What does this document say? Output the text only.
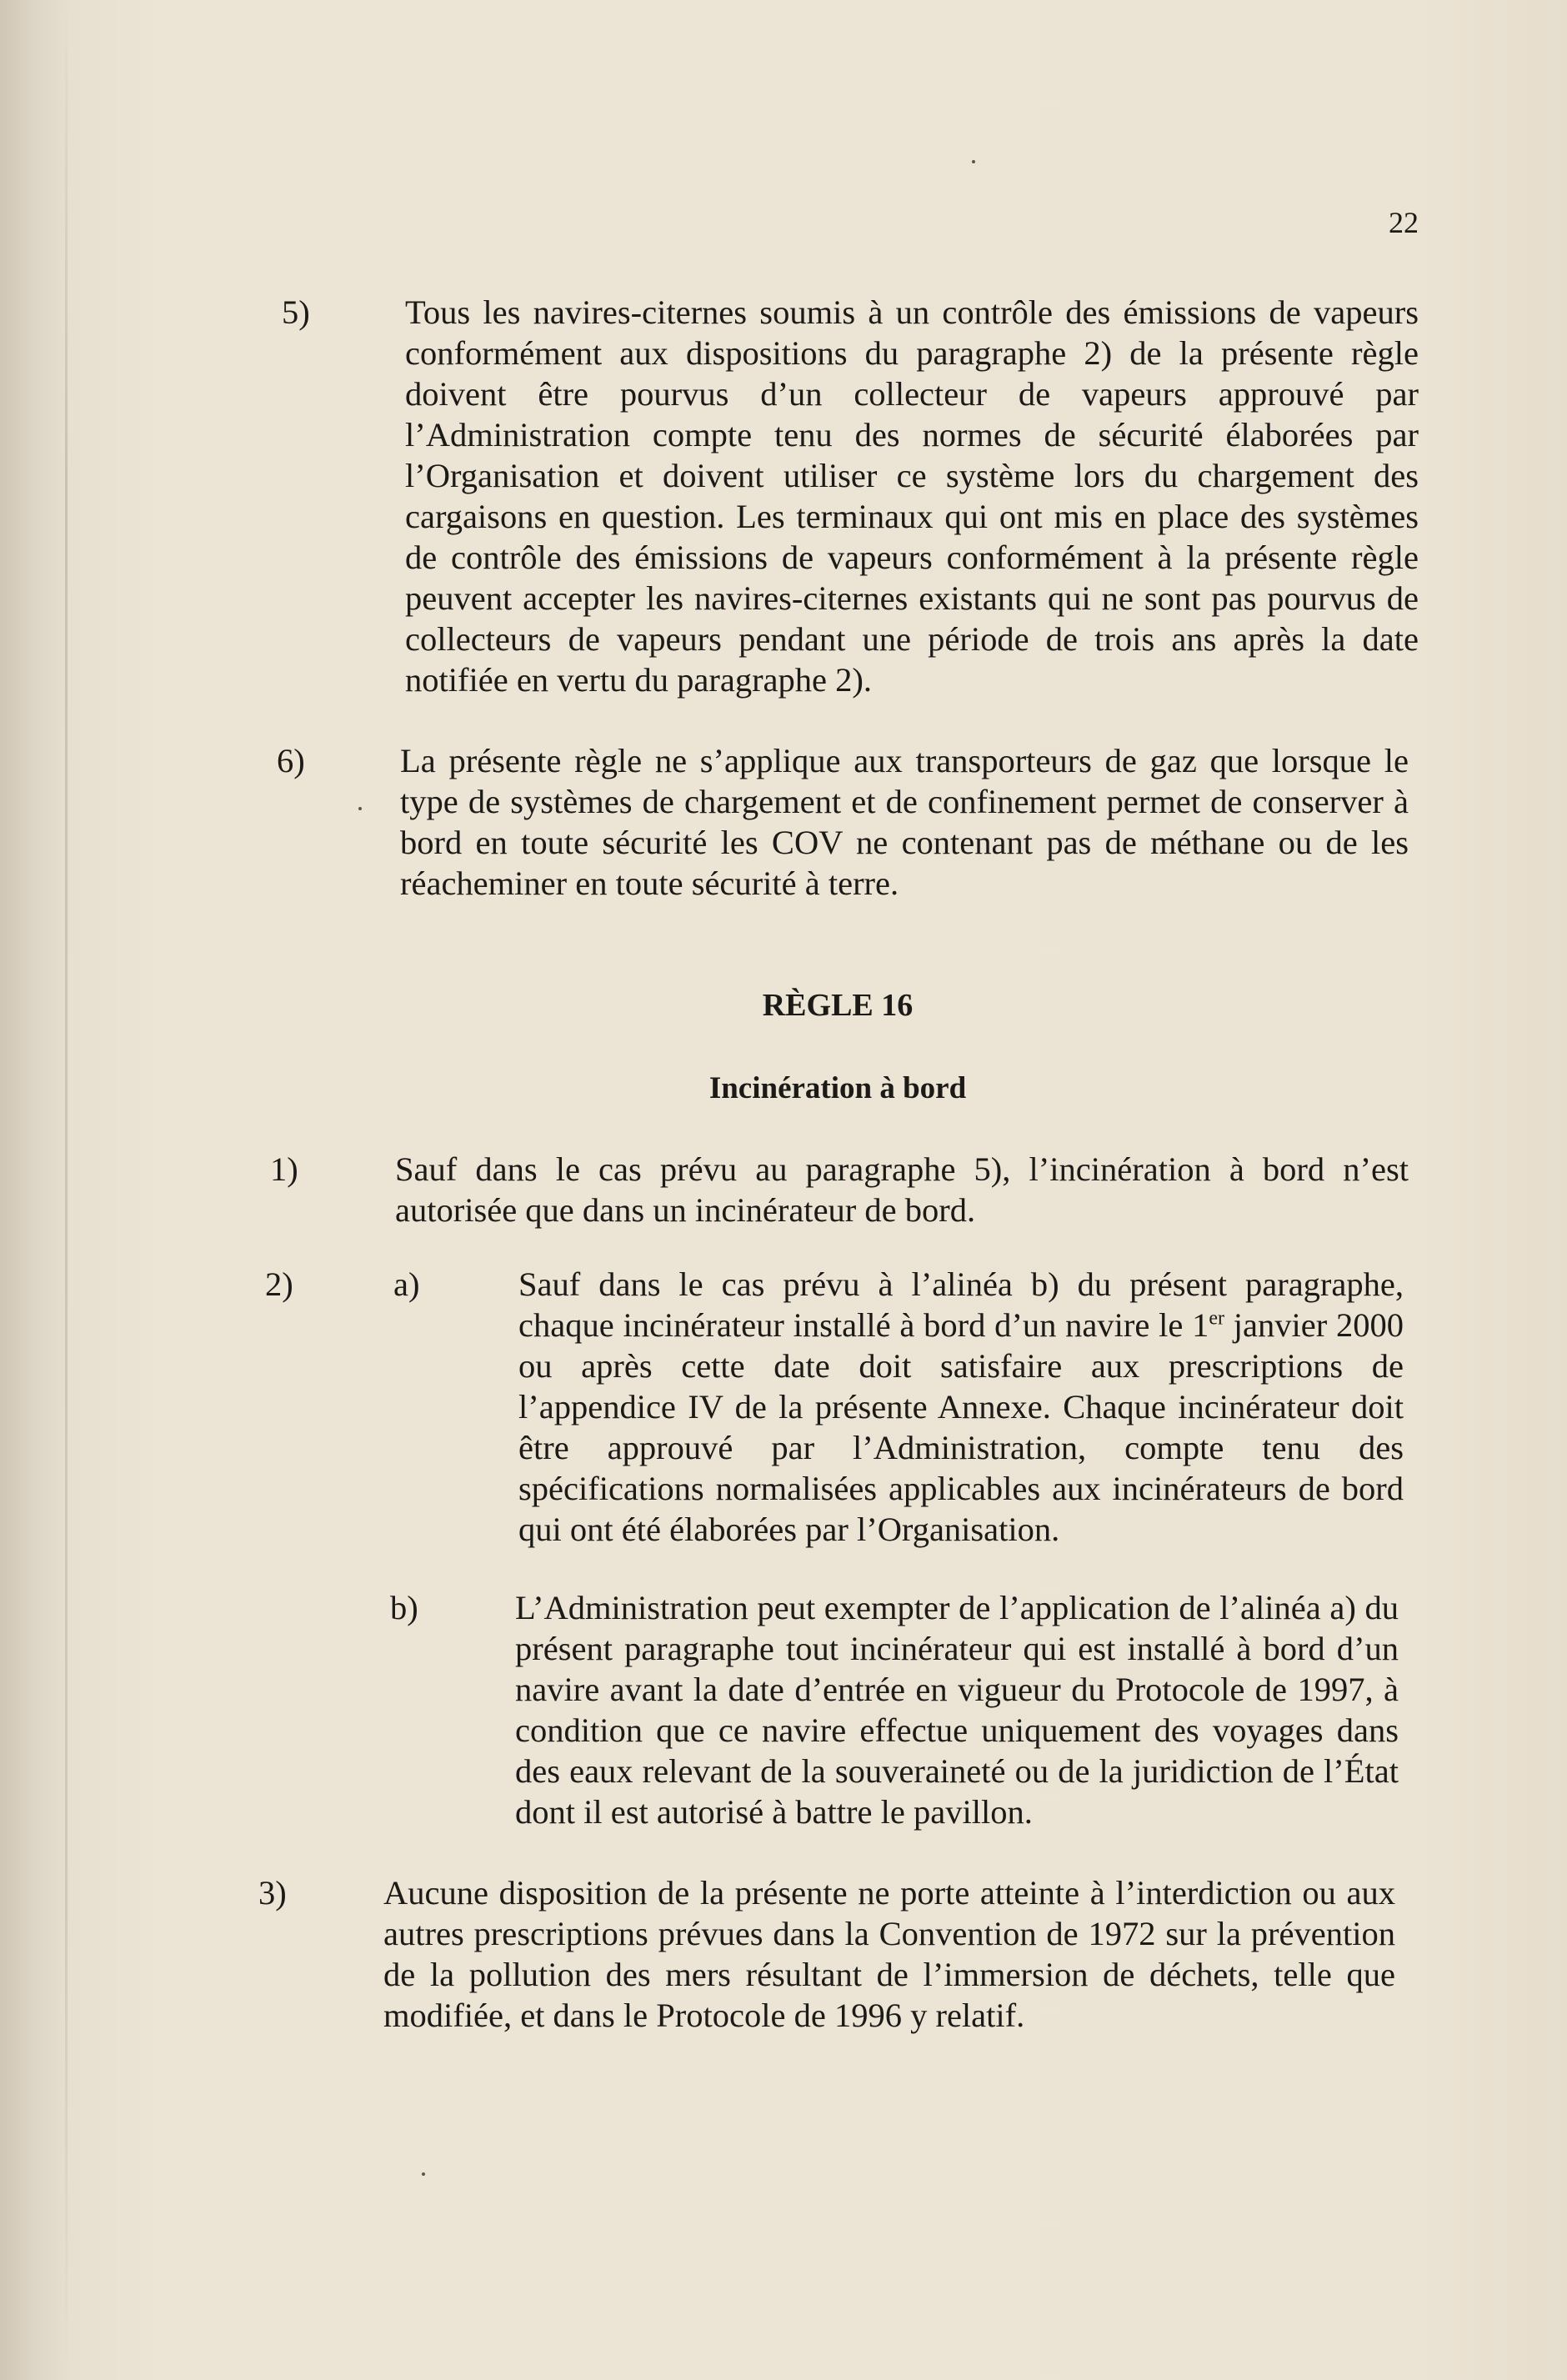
22
5)	Tous les navires-citernes soumis à un contrôle des émissions de vapeurs conformément aux dispositions du paragraphe 2) de la présente règle doivent être pourvus d’un collecteur de vapeurs approuvé par l’Administration compte tenu des normes de sécurité élaborées par l’Organisation et doivent utiliser ce système lors du chargement des cargaisons en question. Les terminaux qui ont mis en place des systèmes de contrôle des émissions de vapeurs conformément à la présente règle peuvent accepter les navires-citernes existants qui ne sont pas pourvus de collecteurs de vapeurs pendant une période de trois ans après la date notifiée en vertu du paragraphe 2).
6)	La présente règle ne s’applique aux transporteurs de gaz que lorsque le type de systèmes de chargement et de confinement permet de conserver à bord en toute sécurité les COV ne contenant pas de méthane ou de les réacheminer en toute sécurité à terre.
RÈGLE 16
Incinération à bord
1)	Sauf dans le cas prévu au paragraphe 5), l’incinération à bord n’est autorisée que dans un incinérateur de bord.
2)	a)	Sauf dans le cas prévu à l’alinéa b) du présent paragraphe, chaque incinérateur installé à bord d’un navire le 1er janvier 2000 ou après cette date doit satisfaire aux prescriptions de l’appendice IV de la présente Annexe. Chaque incinérateur doit être approuvé par l’Administration, compte tenu des spécifications normalisées applicables aux incinérateurs de bord qui ont été élaborées par l’Organisation.
b)	L’Administration peut exempter de l’application de l’alinéa a) du présent paragraphe tout incinérateur qui est installé à bord d’un navire avant la date d’entrée en vigueur du Protocole de 1997, à condition que ce navire effectue uniquement des voyages dans des eaux relevant de la souveraineté ou de la juridiction de l’État dont il est autorisé à battre le pavillon.
3)	Aucune disposition de la présente ne porte atteinte à l’interdiction ou aux autres prescriptions prévues dans la Convention de 1972 sur la prévention de la pollution des mers résultant de l’immersion de déchets, telle que modifiée, et dans le Protocole de 1996 y relatif.
